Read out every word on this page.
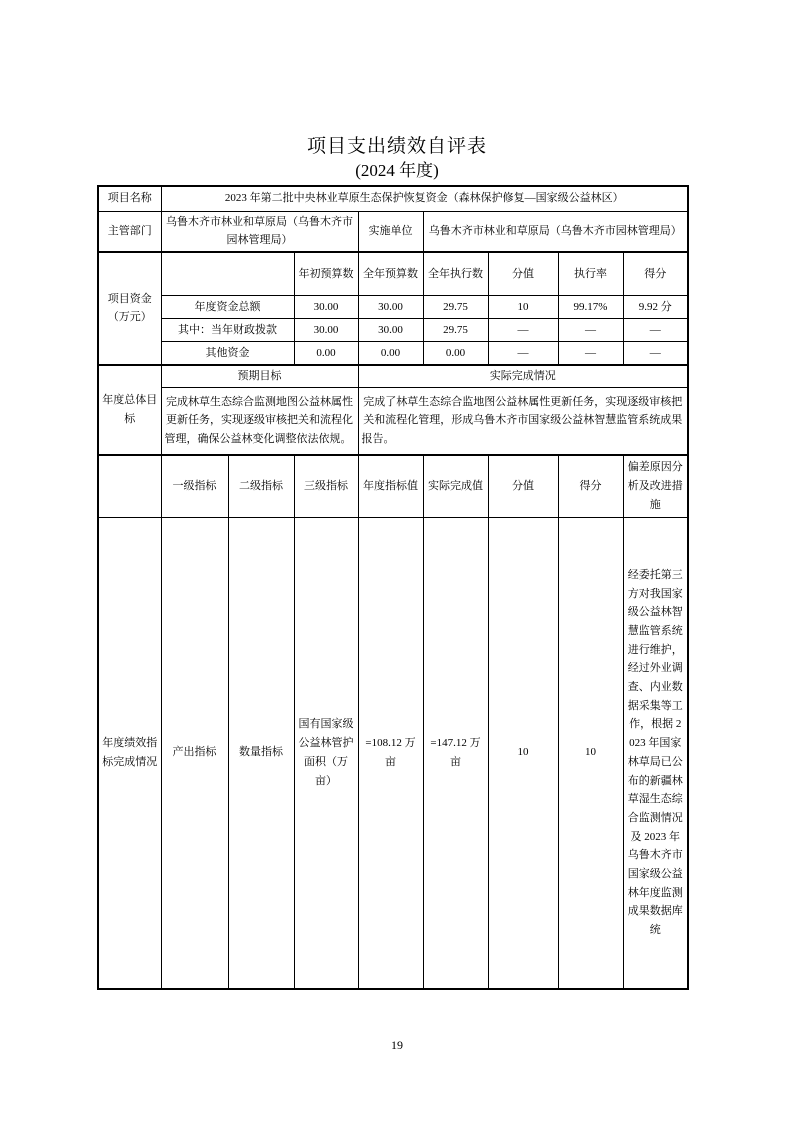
项目支出绩效自评表
(2024 年度)
项目名称	2023 年第二批中央林业草原生态保护恢复资金（森林保护修复—国家级公益林区）							
主管部门	乌鲁木齐市林业和草原局（乌鲁木齐市园林管理局）			实施单位	乌鲁木齐市林业和草原局（乌鲁木齐市园林管理局）			
项目资金（万元）			年初预算数	全年预算数	全年执行数	分值	执行率	得分
	年度资金总额		30.00	30.00	29.75	10	99.17%	9.92 分
	其中：当年财政拨款		30.00	30.00	29.75	—	—	—
	其他资金		0.00	0.00	0.00	—	—	—
年度总体目标	预期目标			实际完成情况				
	完成林草生态综合监测地图公益林属性更新任务，实现逐级审核把关和流程化管理，确保公益林变化调整依法依规。			完成了林草生态综合监地图公益林属性更新任务，实现逐级审核把关和流程化管理，形成乌鲁木齐市国家级公益林智慧监管系统成果报告。				
	一级指标	二级指标	三级指标	年度指标值	实际完成值	分值	得分	偏差原因分析及改进措施
年度绩效指标完成情况	产出指标	数量指标	国有国家级公益林管护面积（万亩）	=108.12 万亩	=147.12 万亩	10	10	经委托第三方对我国家级公益林智慧监管系统进行维护，经过外业调查、内业数据采集等工作，根据 2023 年国家林草局已公布的新疆林草湿生态综合监测情况及 2023 年乌鲁木齐市国家级公益林年度监测成果数据库统
19
